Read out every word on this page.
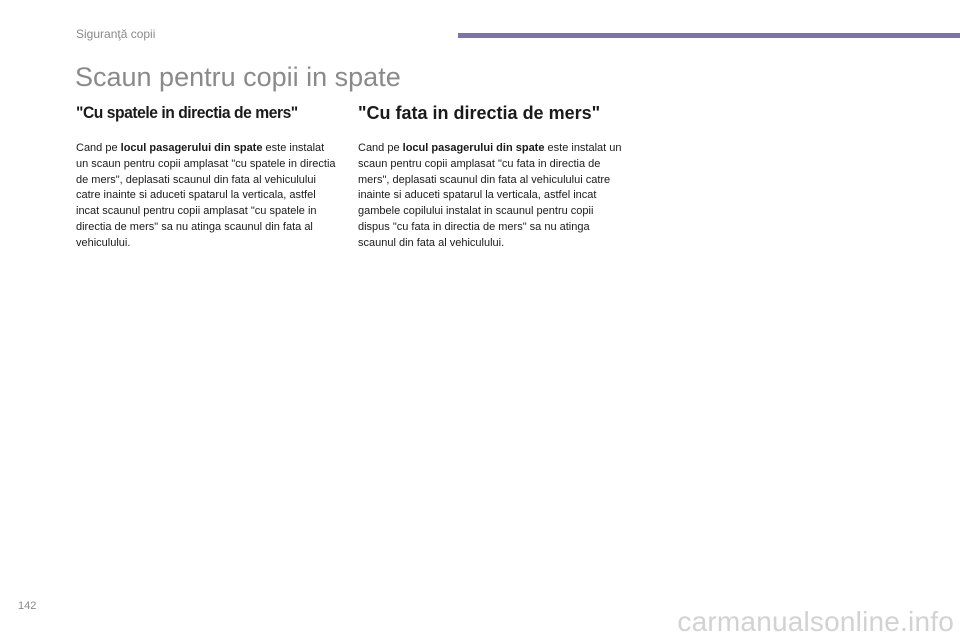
Siguranţă copii
Scaun pentru copii in spate
"Cu spatele in directia de mers"

Cand pe locul pasagerului din spate este instalat un scaun pentru copii amplasat "cu spatele in directia de mers", deplasati scaunul din fata al vehiculului catre inainte si aduceti spatarul la verticala, astfel incat scaunul pentru copii amplasat "cu spatele in directia de mers" sa nu atinga scaunul din fata al vehiculului.

"Cu fata in directia de mers"

Cand pe locul pasagerului din spate este instalat un scaun pentru copii amplasat "cu fata in directia de mers", deplasati scaunul din fata al vehiculului catre inainte si aduceti spatarul la verticala, astfel incat gambele copilului instalat in scaunul pentru copii dispus "cu fata in directia de mers" sa nu atinga scaunul din fata al vehiculului.

142	carmanualsonline.info
